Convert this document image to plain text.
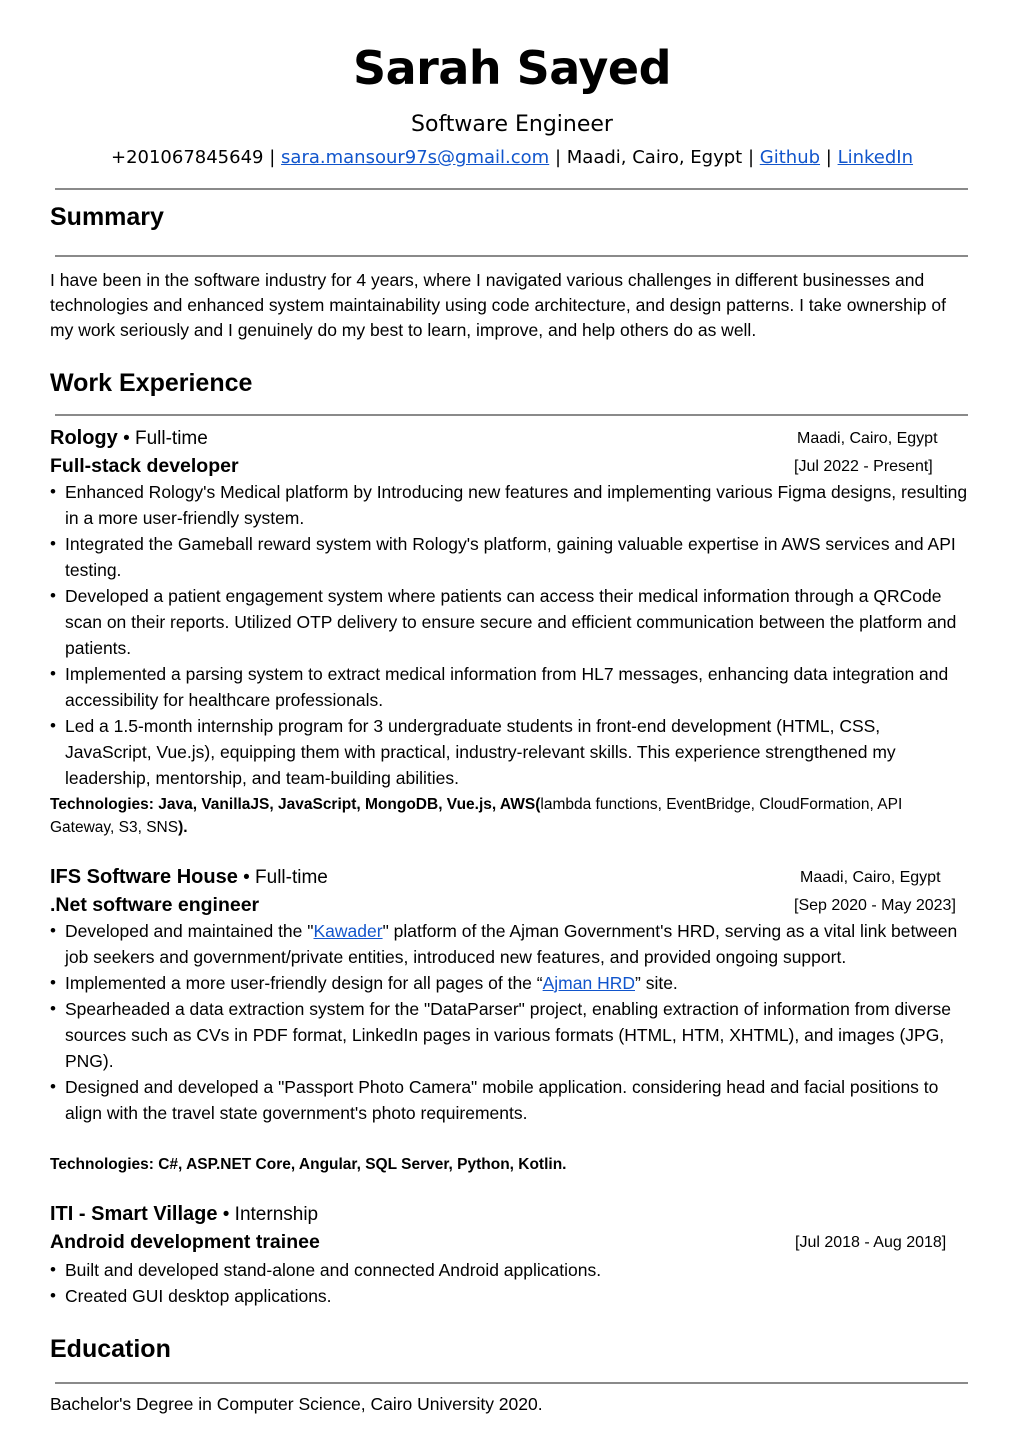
Sarah Sayed
Software Engineer
+201067845649 | sara.mansour97s@gmail.com | Maadi, Cairo, Egypt | Github | LinkedIn
Summary
I have been in the software industry for 4 years, where I navigated various challenges in different businesses and technologies and enhanced system maintainability using code architecture, and design patterns. I take ownership of my work seriously and I genuinely do my best to learn, improve, and help others do as well.
Work Experience
Rology • Full-time	Maadi, Cairo, Egypt
Full-stack developer	[Jul 2022 - Present]
• Enhanced Rology's Medical platform by Introducing new features and implementing various Figma designs, resulting in a more user-friendly system.
• Integrated the Gameball reward system with Rology's platform, gaining valuable expertise in AWS services and API testing.
• Developed a patient engagement system where patients can access their medical information through a QRCode scan on their reports. Utilized OTP delivery to ensure secure and efficient communication between the platform and patients.
• Implemented a parsing system to extract medical information from HL7 messages, enhancing data integration and accessibility for healthcare professionals.
• Led a 1.5-month internship program for 3 undergraduate students in front-end development (HTML, CSS, JavaScript, Vue.js), equipping them with practical, industry-relevant skills. This experience strengthened my leadership, mentorship, and team-building abilities.
Technologies: Java, VanillaJS, JavaScript, MongoDB, Vue.js, AWS(lambda functions, EventBridge, CloudFormation, API Gateway, S3, SNS).
IFS Software House • Full-time	Maadi, Cairo, Egypt
.Net software engineer	[Sep 2020 - May 2023]
• Developed and maintained the "Kawader" platform of the Ajman Government's HRD, serving as a vital link between job seekers and government/private entities, introduced new features, and provided ongoing support.
• Implemented a more user-friendly design for all pages of the “Ajman HRD” site.
• Spearheaded a data extraction system for the "DataParser" project, enabling extraction of information from diverse sources such as CVs in PDF format, LinkedIn pages in various formats (HTML, HTM, XHTML), and images (JPG, PNG).
• Designed and developed a "Passport Photo Camera" mobile application. considering head and facial positions to align with the travel state government's photo requirements.
Technologies: C#, ASP.NET Core, Angular, SQL Server, Python, Kotlin.
ITI - Smart Village • Internship
Android development trainee	[Jul 2018 - Aug 2018]
• Built and developed stand-alone and connected Android applications.
• Created GUI desktop applications.
Education
Bachelor's Degree in Computer Science, Cairo University 2020.
